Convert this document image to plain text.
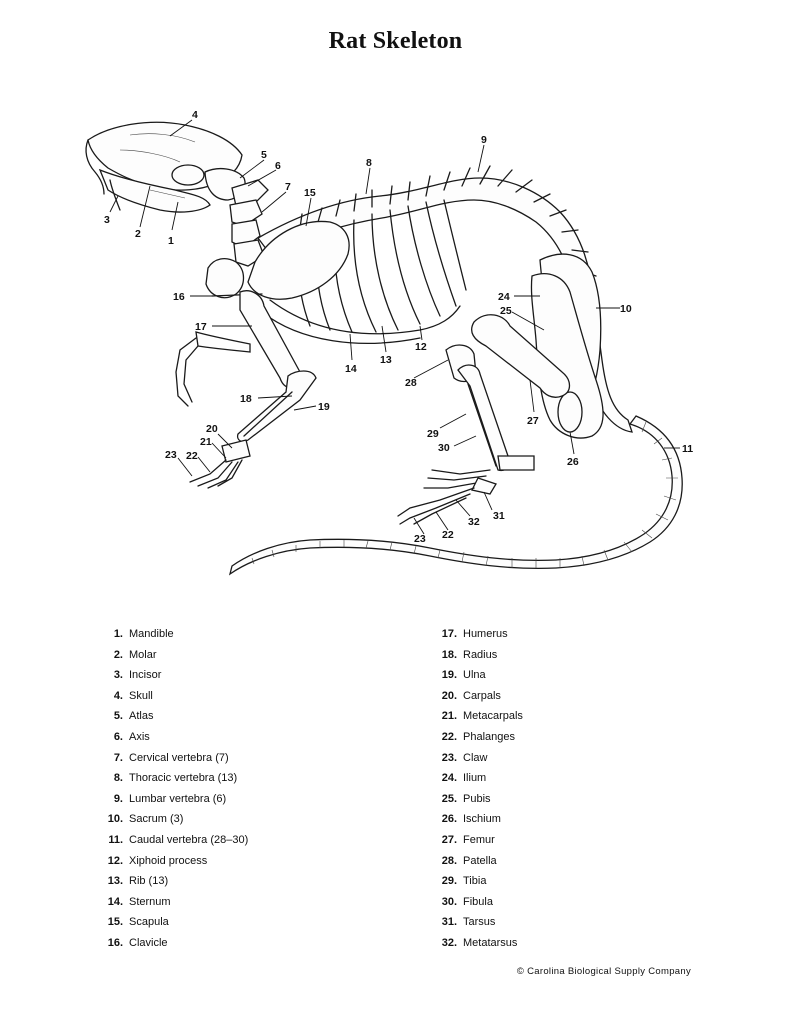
Rat Skeleton
1
2
3
4
5
6
7
8
9
10
11
12
13
14
15
16
17
18
19
20
21
22
23
24
25
26
27
28
29
30
31
32
22
23
1. Mandible
2. Molar
3. Incisor
4. Skull
5. Atlas
6. Axis
7. Cervical vertebra (7)
8. Thoracic vertebra (13)
9. Lumbar vertebra (6)
10. Sacrum (3)
11. Caudal vertebra (28–30)
12. Xiphoid process
13. Rib (13)
14. Sternum
15. Scapula
16. Clavicle
17. Humerus
18. Radius
19. Ulna
20. Carpals
21. Metacarpals
22. Phalanges
23. Claw
24. Ilium
25. Pubis
26. Ischium
27. Femur
28. Patella
29. Tibia
30. Fibula
31. Tarsus
32. Metatarsus
© Carolina Biological Supply Company
